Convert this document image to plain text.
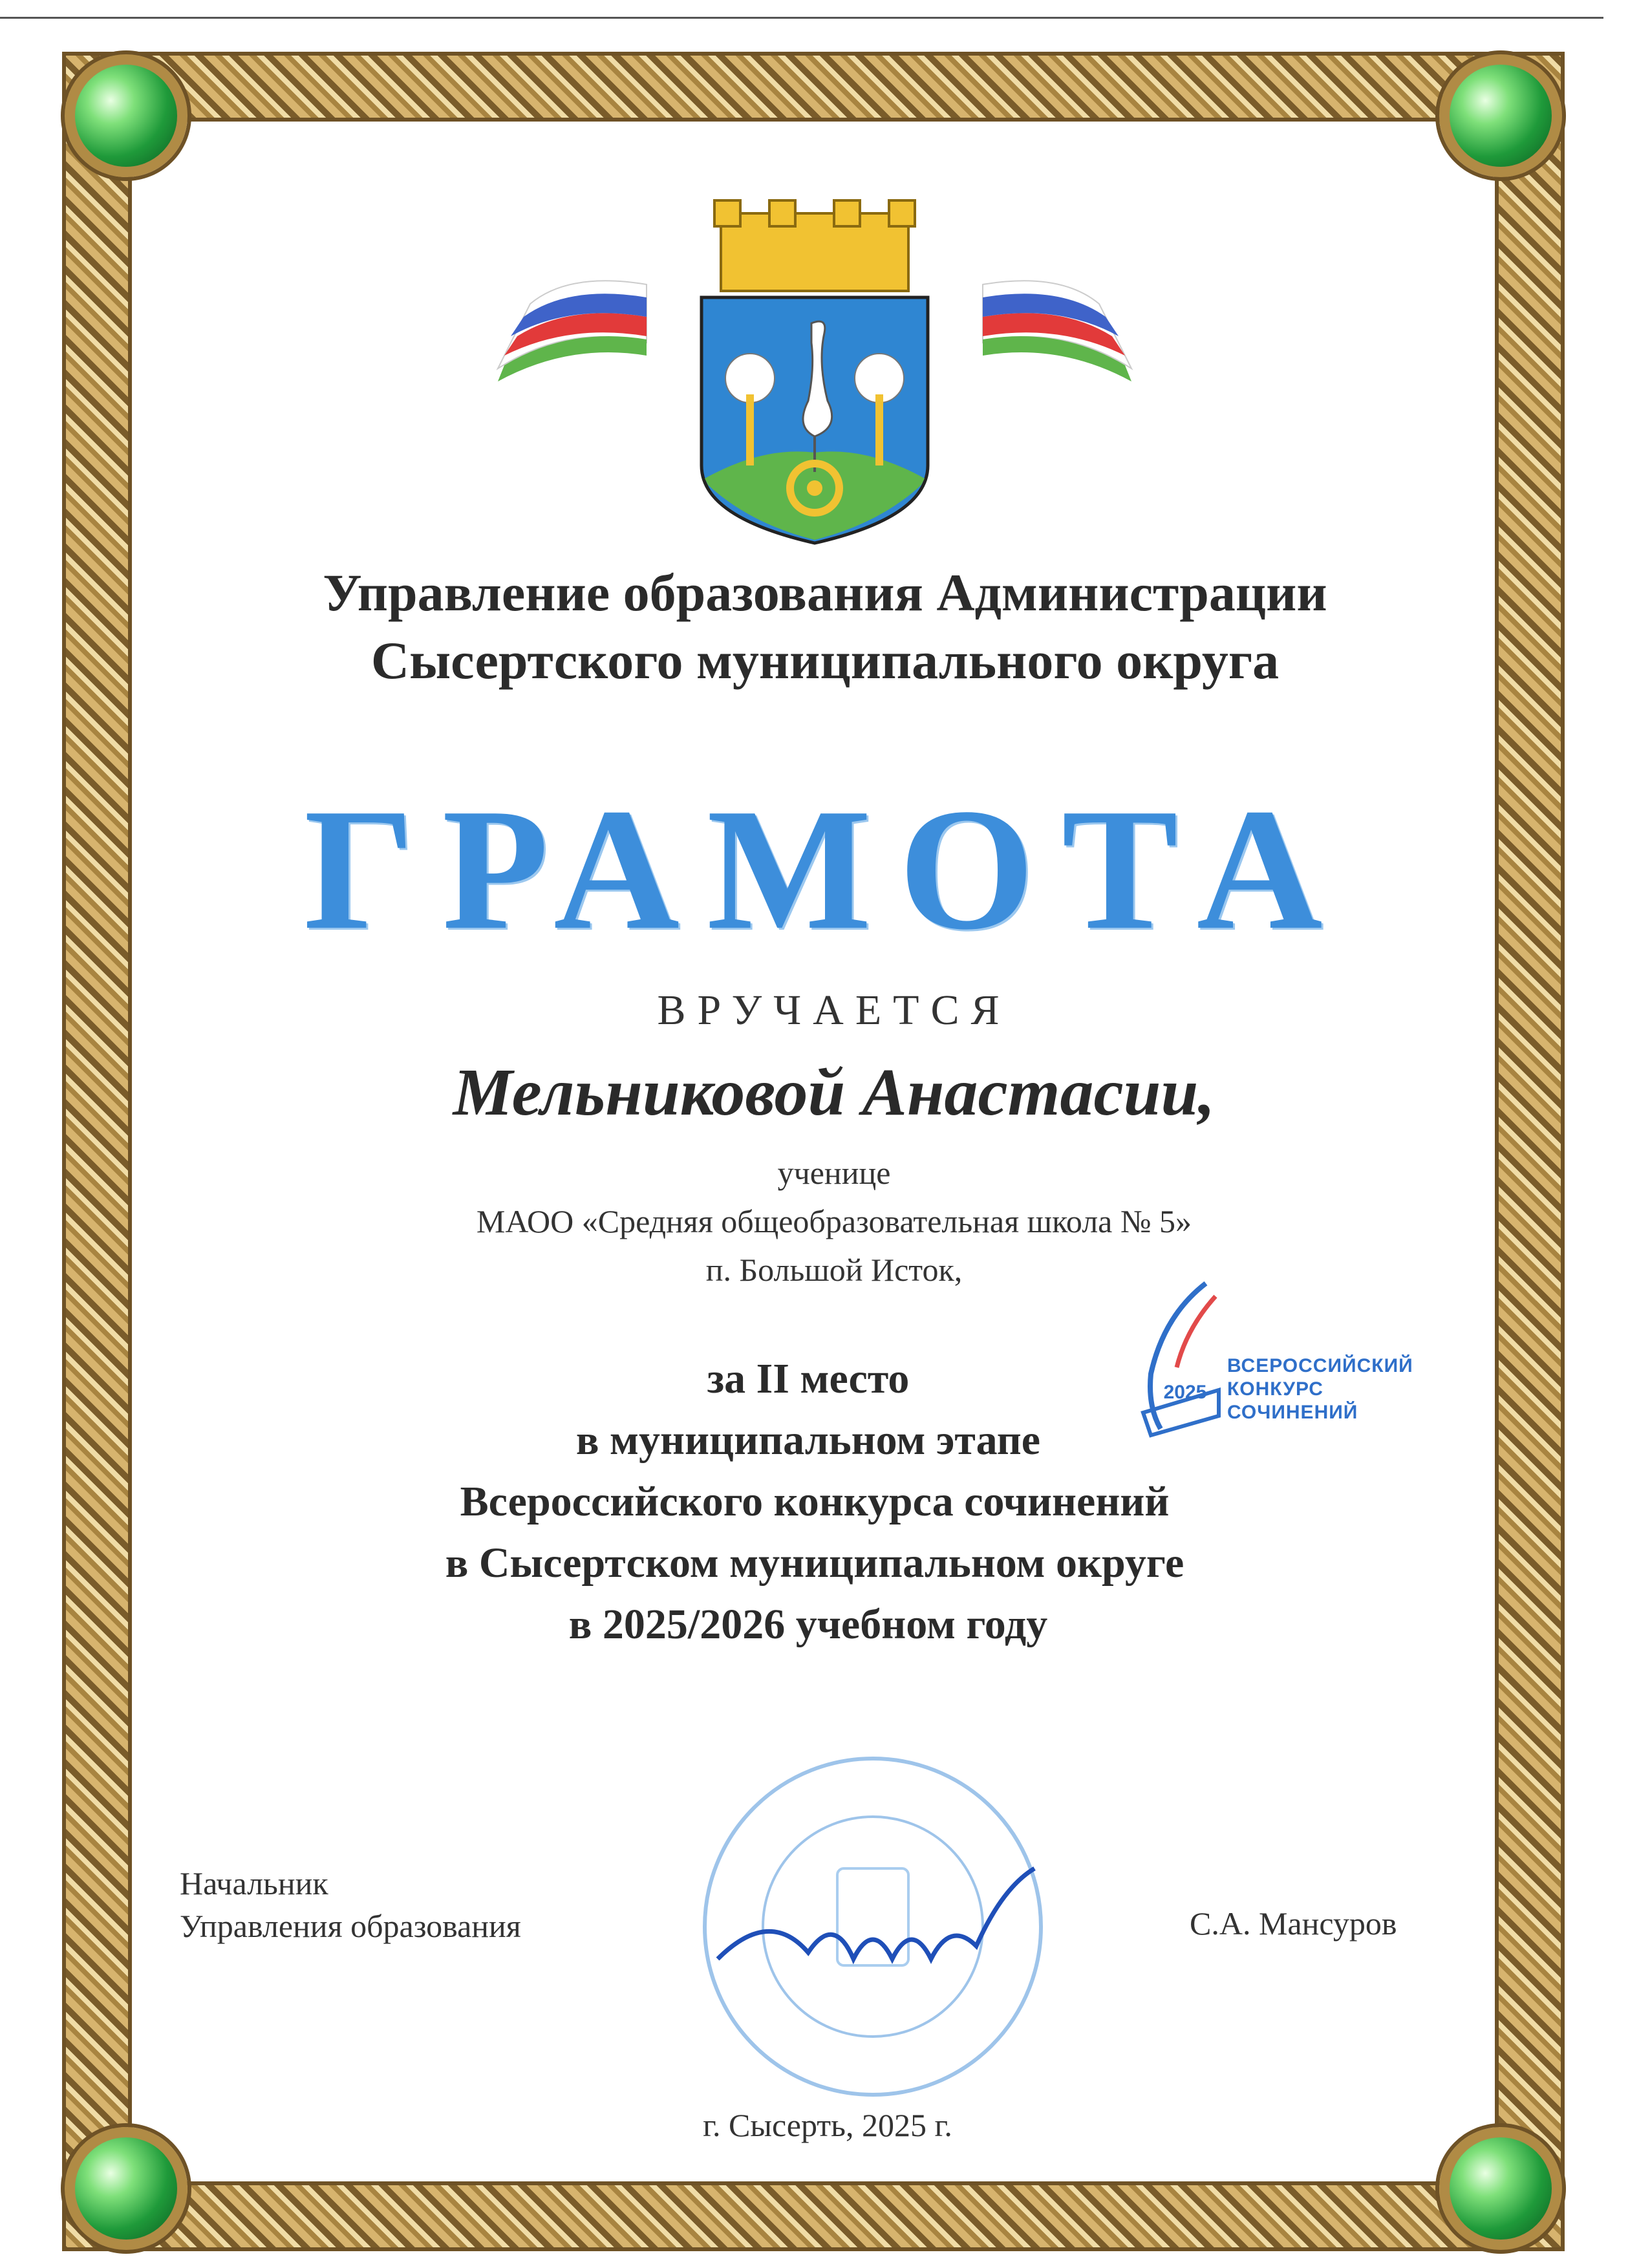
Управление образования Администрации

Сысертского муниципального округа

ГРАМОТА

ВРУЧАЕТСЯ

Мельниковой Анастасии,

ученице

МАОО «Средняя общеобразовательная школа № 5»

п. Большой Исток,

за II место

в муниципальном этапе

Всероссийского конкурса сочинений

в Сысертском муниципальном округе

в 2025/2026 учебном году

2025
ВСЕРОССИЙСКИЙ
КОНКУРС
СОЧИНЕНИЙ
Начальник
Управления образования	С.А. Мансуров

г. Сысерть, 2025 г.
